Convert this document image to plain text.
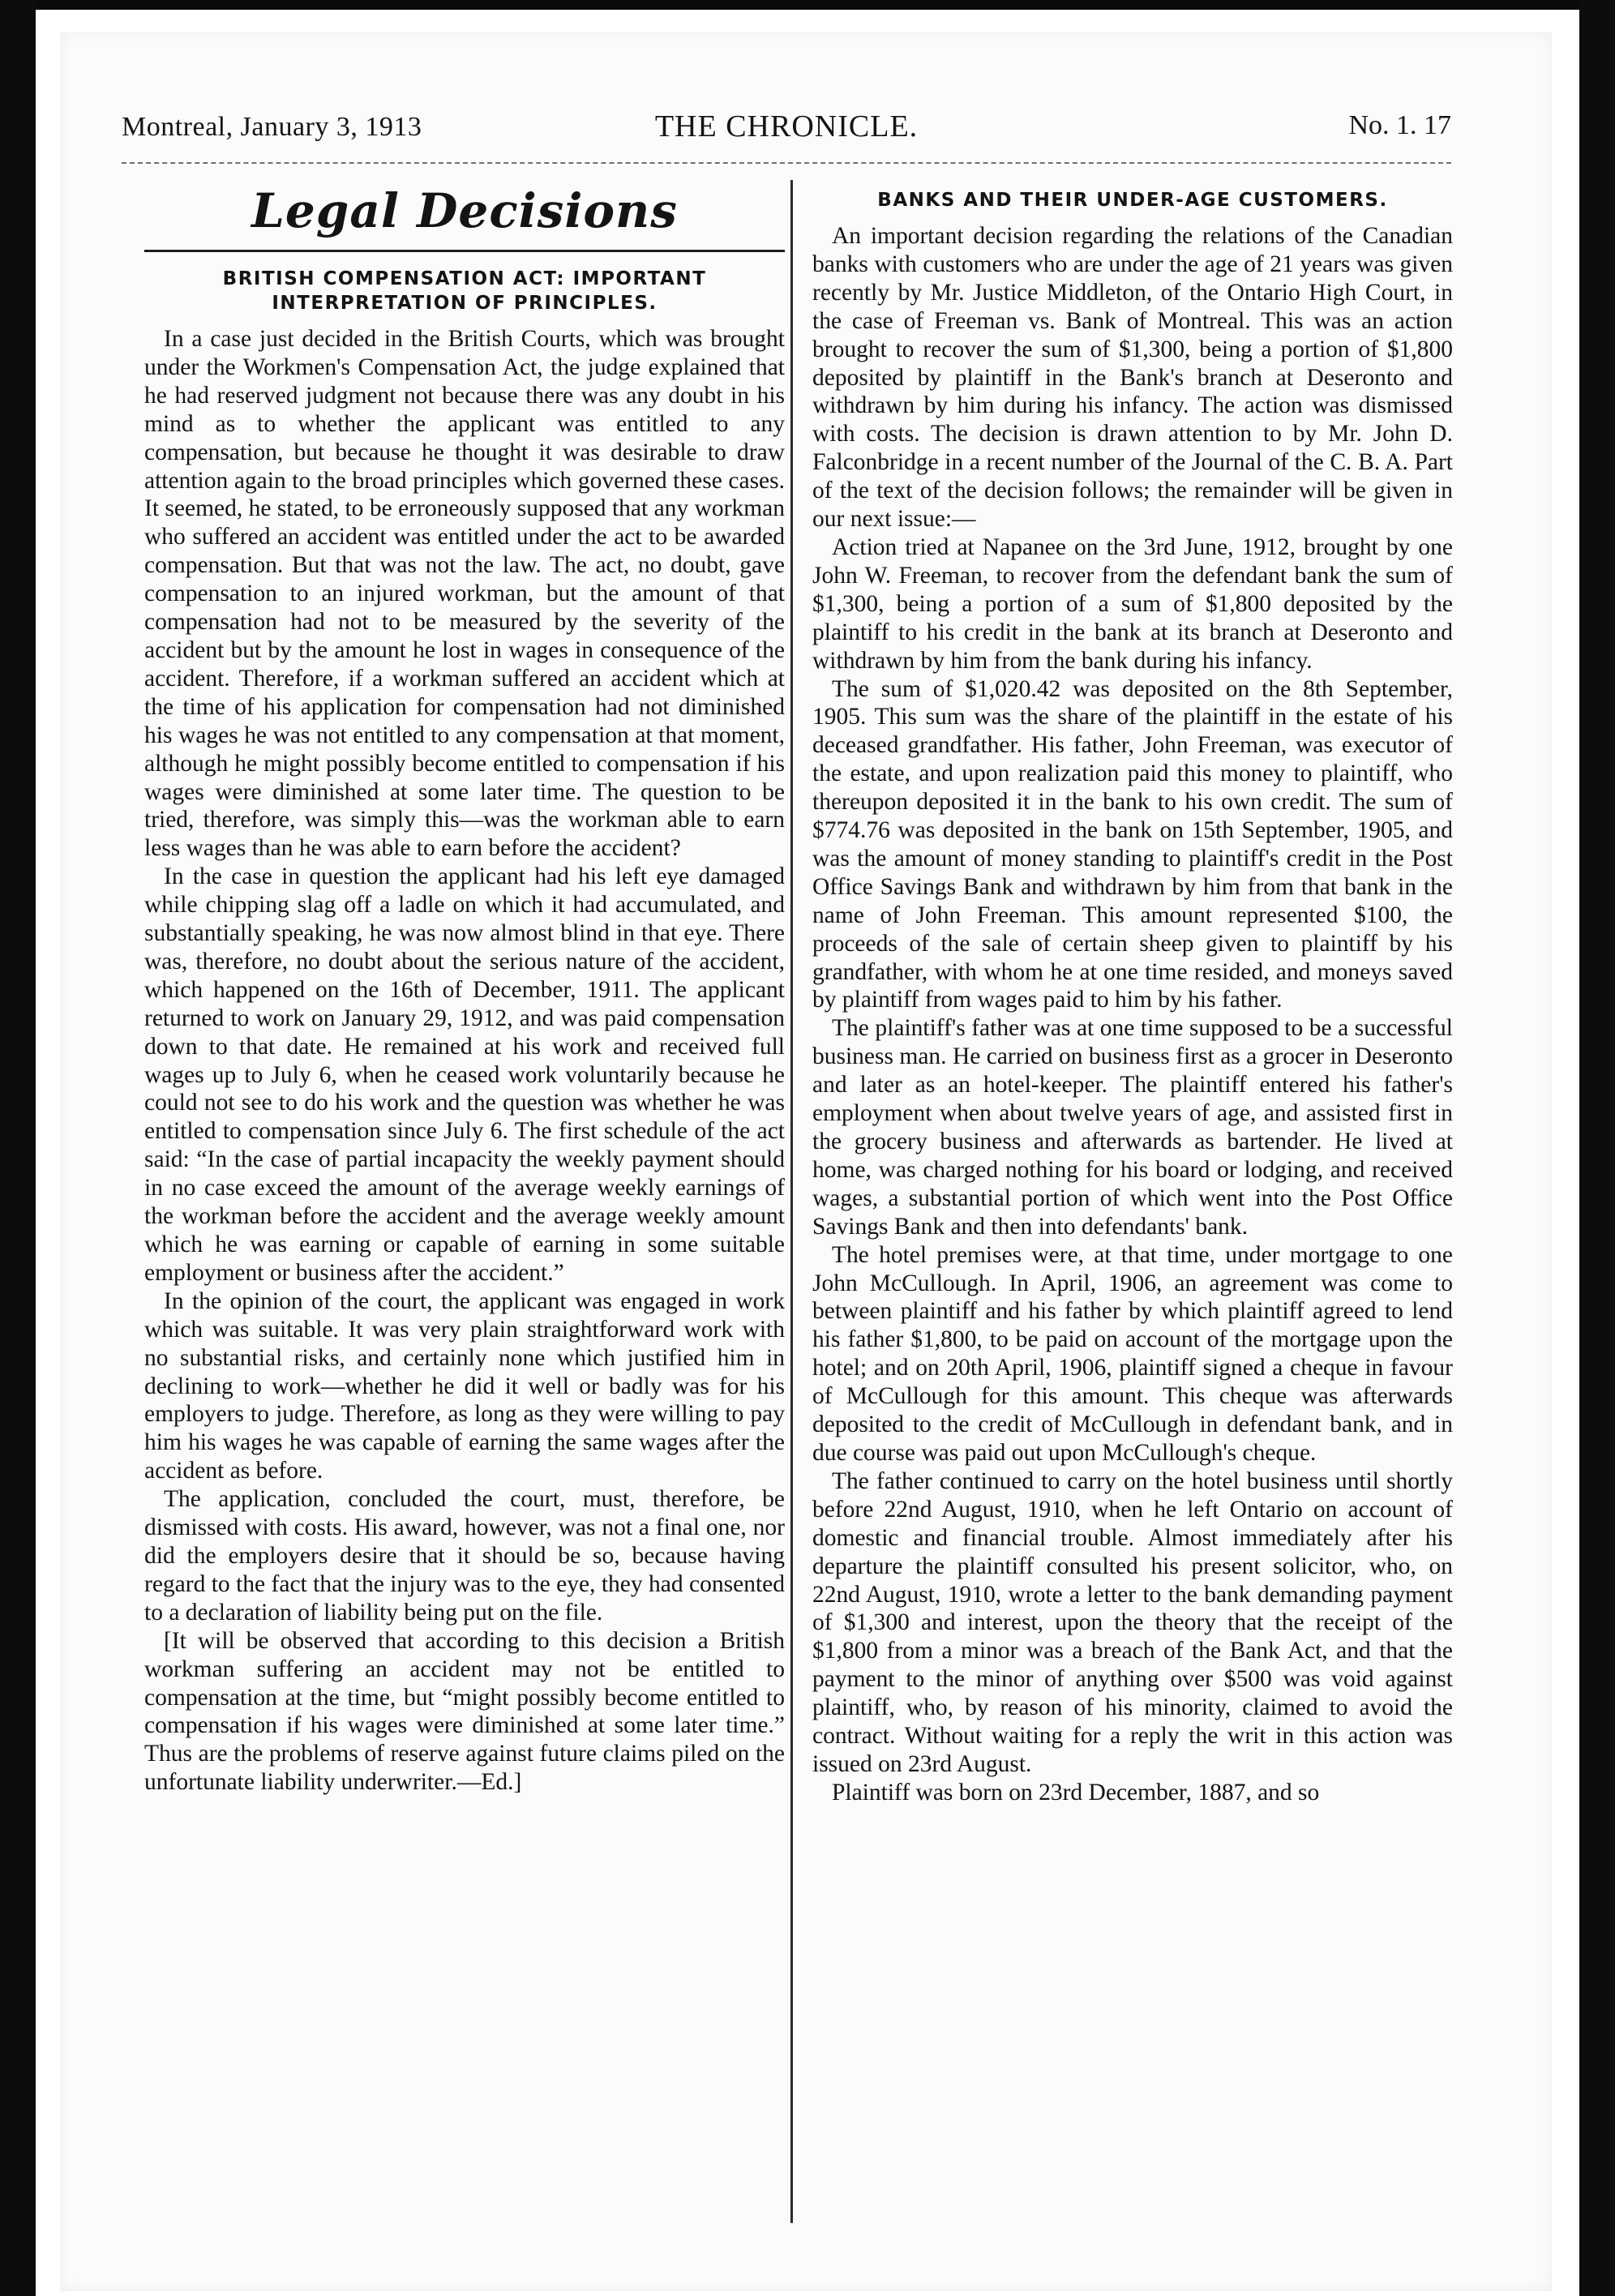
Montreal, January 3, 1913	THE CHRONICLE.	No. 1. 17
Legal Decisions
BRITISH COMPENSATION ACT: IMPORTANT INTERPRETATION OF PRINCIPLES.

In a case just decided in the British Courts, which was brought under the Workmen's Compensation Act, the judge explained that he had reserved judgment not because there was any doubt in his mind as to whether the applicant was entitled to any compensation, but because he thought it was desirable to draw attention again to the broad principles which governed these cases. It seemed, he stated, to be erroneously supposed that any workman who suffered an accident was entitled under the act to be awarded compensation. But that was not the law. The act, no doubt, gave compensation to an injured workman, but the amount of that compensation had not to be measured by the severity of the accident but by the amount he lost in wages in consequence of the accident. Therefore, if a workman suffered an accident which at the time of his application for compensation had not diminished his wages he was not entitled to any compensation at that moment, although he might possibly become entitled to compensation if his wages were diminished at some later time. The question to be tried, therefore, was simply this—was the workman able to earn less wages than he was able to earn before the accident?

In the case in question the applicant had his left eye damaged while chipping slag off a ladle on which it had accumulated, and substantially speaking, he was now almost blind in that eye. There was, therefore, no doubt about the serious nature of the accident, which happened on the 16th of December, 1911. The applicant returned to work on January 29, 1912, and was paid compensation down to that date. He remained at his work and received full wages up to July 6, when he ceased work voluntarily because he could not see to do his work and the question was whether he was entitled to compensation since July 6. The first schedule of the act said: “In the case of partial incapacity the weekly payment should in no case exceed the amount of the average weekly earnings of the workman before the accident and the average weekly amount which he was earning or capable of earning in some suitable employment or business after the accident.”

In the opinion of the court, the applicant was engaged in work which was suitable. It was very plain straightforward work with no substantial risks, and certainly none which justified him in declining to work—whether he did it well or badly was for his employers to judge. Therefore, as long as they were willing to pay him his wages he was capable of earning the same wages after the accident as before.

The application, concluded the court, must, therefore, be dismissed with costs. His award, however, was not a final one, nor did the employers desire that it should be so, because having regard to the fact that the injury was to the eye, they had consented to a declaration of liability being put on the file.

[It will be observed that according to this decision a British workman suffering an accident may not be entitled to compensation at the time, but “might possibly become entitled to compensation if his wages were diminished at some later time.” Thus are the problems of reserve against future claims piled on the unfortunate liability underwriter.—Ed.]

BANKS AND THEIR UNDER-AGE CUSTOMERS.

An important decision regarding the relations of the Canadian banks with customers who are under the age of 21 years was given recently by Mr. Justice Middleton, of the Ontario High Court, in the case of Freeman vs. Bank of Montreal. This was an action brought to recover the sum of $1,300, being a portion of $1,800 deposited by plaintiff in the Bank's branch at Deseronto and withdrawn by him during his infancy. The action was dismissed with costs. The decision is drawn attention to by Mr. John D. Falconbridge in a recent number of the Journal of the C. B. A. Part of the text of the decision follows; the remainder will be given in our next issue:—

Action tried at Napanee on the 3rd June, 1912, brought by one John W. Freeman, to recover from the defendant bank the sum of $1,300, being a portion of a sum of $1,800 deposited by the plaintiff to his credit in the bank at its branch at Deseronto and withdrawn by him from the bank during his infancy.

The sum of $1,020.42 was deposited on the 8th September, 1905. This sum was the share of the plaintiff in the estate of his deceased grandfather. His father, John Freeman, was executor of the estate, and upon realization paid this money to plaintiff, who thereupon deposited it in the bank to his own credit. The sum of $774.76 was deposited in the bank on 15th September, 1905, and was the amount of money standing to plaintiff's credit in the Post Office Savings Bank and withdrawn by him from that bank in the name of John Freeman. This amount represented $100, the proceeds of the sale of certain sheep given to plaintiff by his grandfather, with whom he at one time resided, and moneys saved by plaintiff from wages paid to him by his father.

The plaintiff's father was at one time supposed to be a successful business man. He carried on business first as a grocer in Deseronto and later as an hotel-keeper. The plaintiff entered his father's employment when about twelve years of age, and assisted first in the grocery business and afterwards as bartender. He lived at home, was charged nothing for his board or lodging, and received wages, a substantial portion of which went into the Post Office Savings Bank and then into defendants' bank.

The hotel premises were, at that time, under mortgage to one John McCullough. In April, 1906, an agreement was come to between plaintiff and his father by which plaintiff agreed to lend his father $1,800, to be paid on account of the mortgage upon the hotel; and on 20th April, 1906, plaintiff signed a cheque in favour of McCullough for this amount. This cheque was afterwards deposited to the credit of McCullough in defendant bank, and in due course was paid out upon McCullough's cheque.

The father continued to carry on the hotel business until shortly before 22nd August, 1910, when he left Ontario on account of domestic and financial trouble. Almost immediately after his departure the plaintiff consulted his present solicitor, who, on 22nd August, 1910, wrote a letter to the bank demanding payment of $1,300 and interest, upon the theory that the receipt of the $1,800 from a minor was a breach of the Bank Act, and that the payment to the minor of anything over $500 was void against plaintiff, who, by reason of his minority, claimed to avoid the contract. Without waiting for a reply the writ in this action was issued on 23rd August.

Plaintiff was born on 23rd December, 1887, and so
